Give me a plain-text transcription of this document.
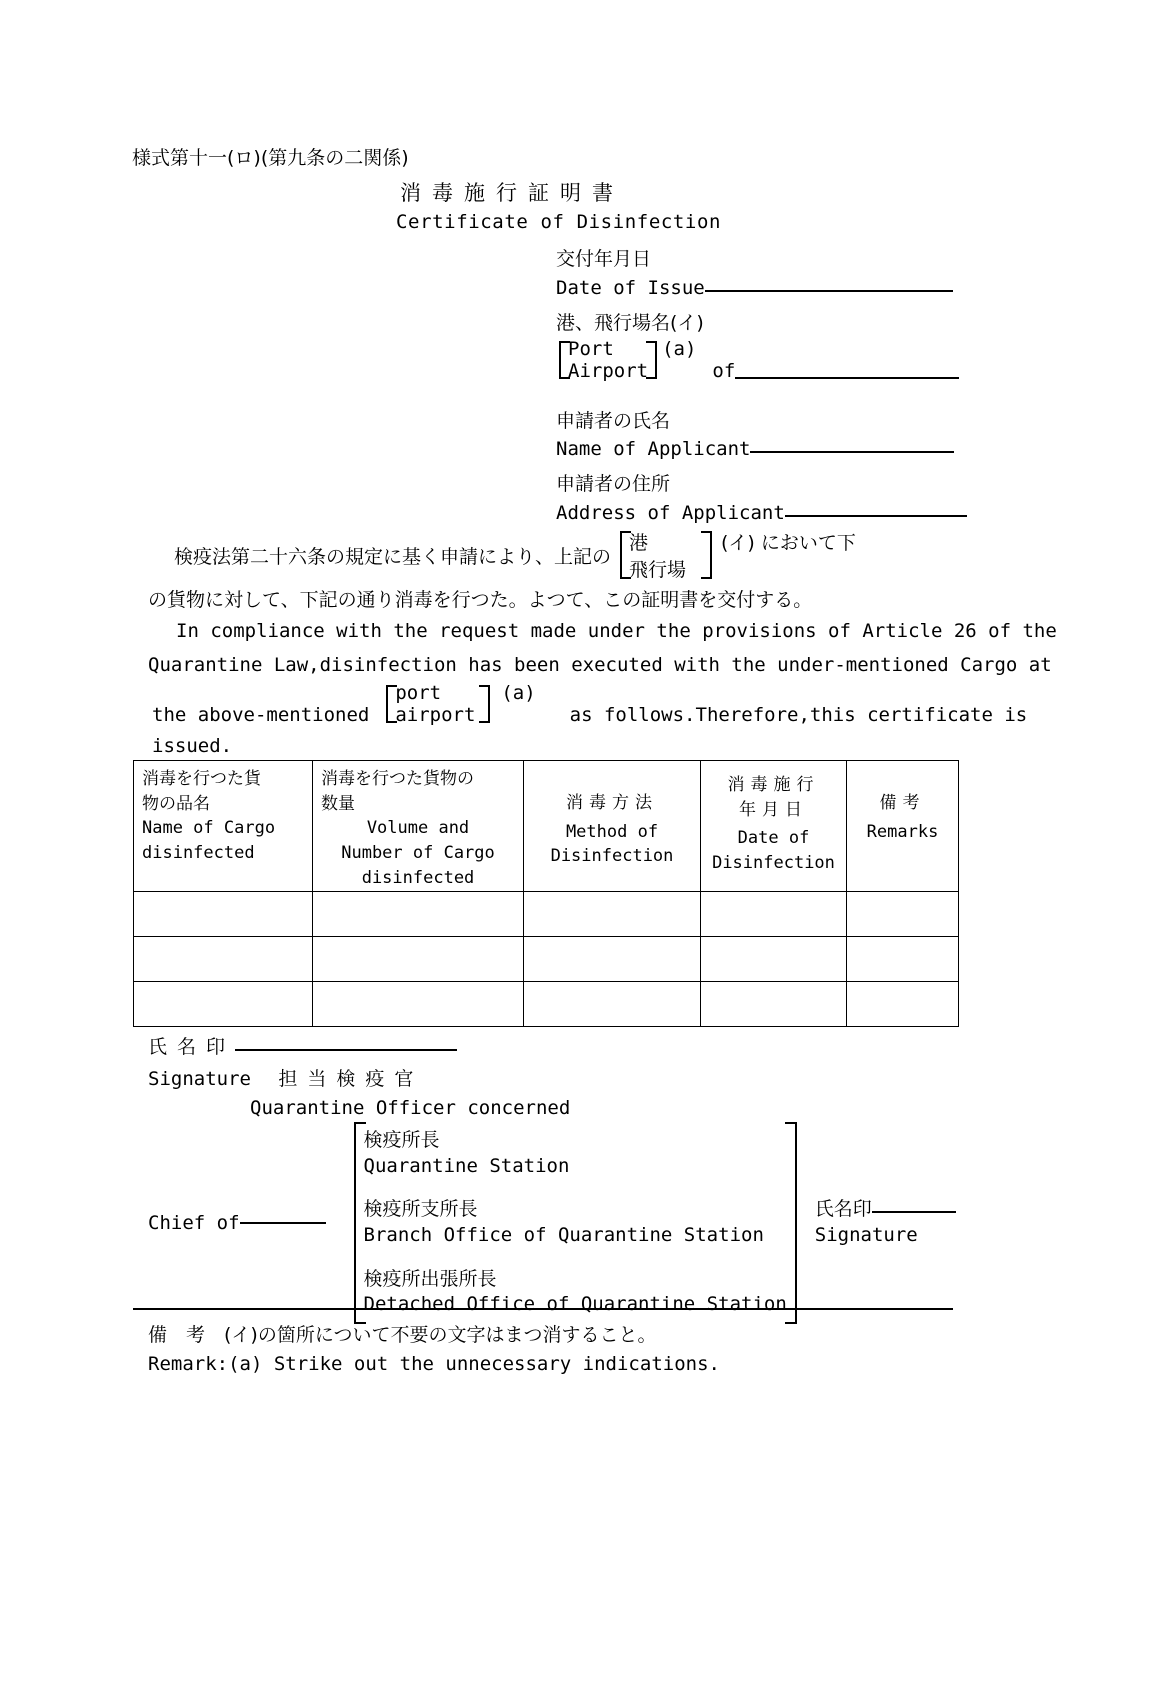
様式第十一(ロ)(第九条の二関係)
消毒施行証明書
Certificate of Disinfection
交付年月日
Date of Issue
港、飛行場名(イ)
Port
Airport
(a)
of
申請者の氏名
Name of Applicant
申請者の住所
Address of Applicant
検疫法第二十六条の規定に基く申請により、上記の
港
飛行場
(イ) において下
の貨物に対して、下記の通り消毒を行つた。よつて、この証明書を交付する。
In compliance with the request made under the provisions of Article 26 of the
Quarantine Law,disinfection has been executed with the under-mentioned Cargo at
the above-mentioned
port
airport
(a)
as follows.Therefore,this certificate is
issued.
消毒を行つた貨
物の品名
Name of Cargo
disinfected	消毒を行つた貨物の
数量
Volume and
Number of Cargo
disinfected	消毒方法
Method of
Disinfection	消毒施行
年月日
Date of
Disinfection	備考
Remarks

氏名印
Signature 担当検疫官
Quarantine Officer concerned
Chief of
検疫所長
Quarantine Station
検疫所支所長
Branch Office of Quarantine Station
検疫所出張所長
Detached Office of Quarantine Station
氏名印
Signature
備　考　(イ)の箇所について不要の文字はまつ消すること。
Remark:(a) Strike out the unnecessary indications.
